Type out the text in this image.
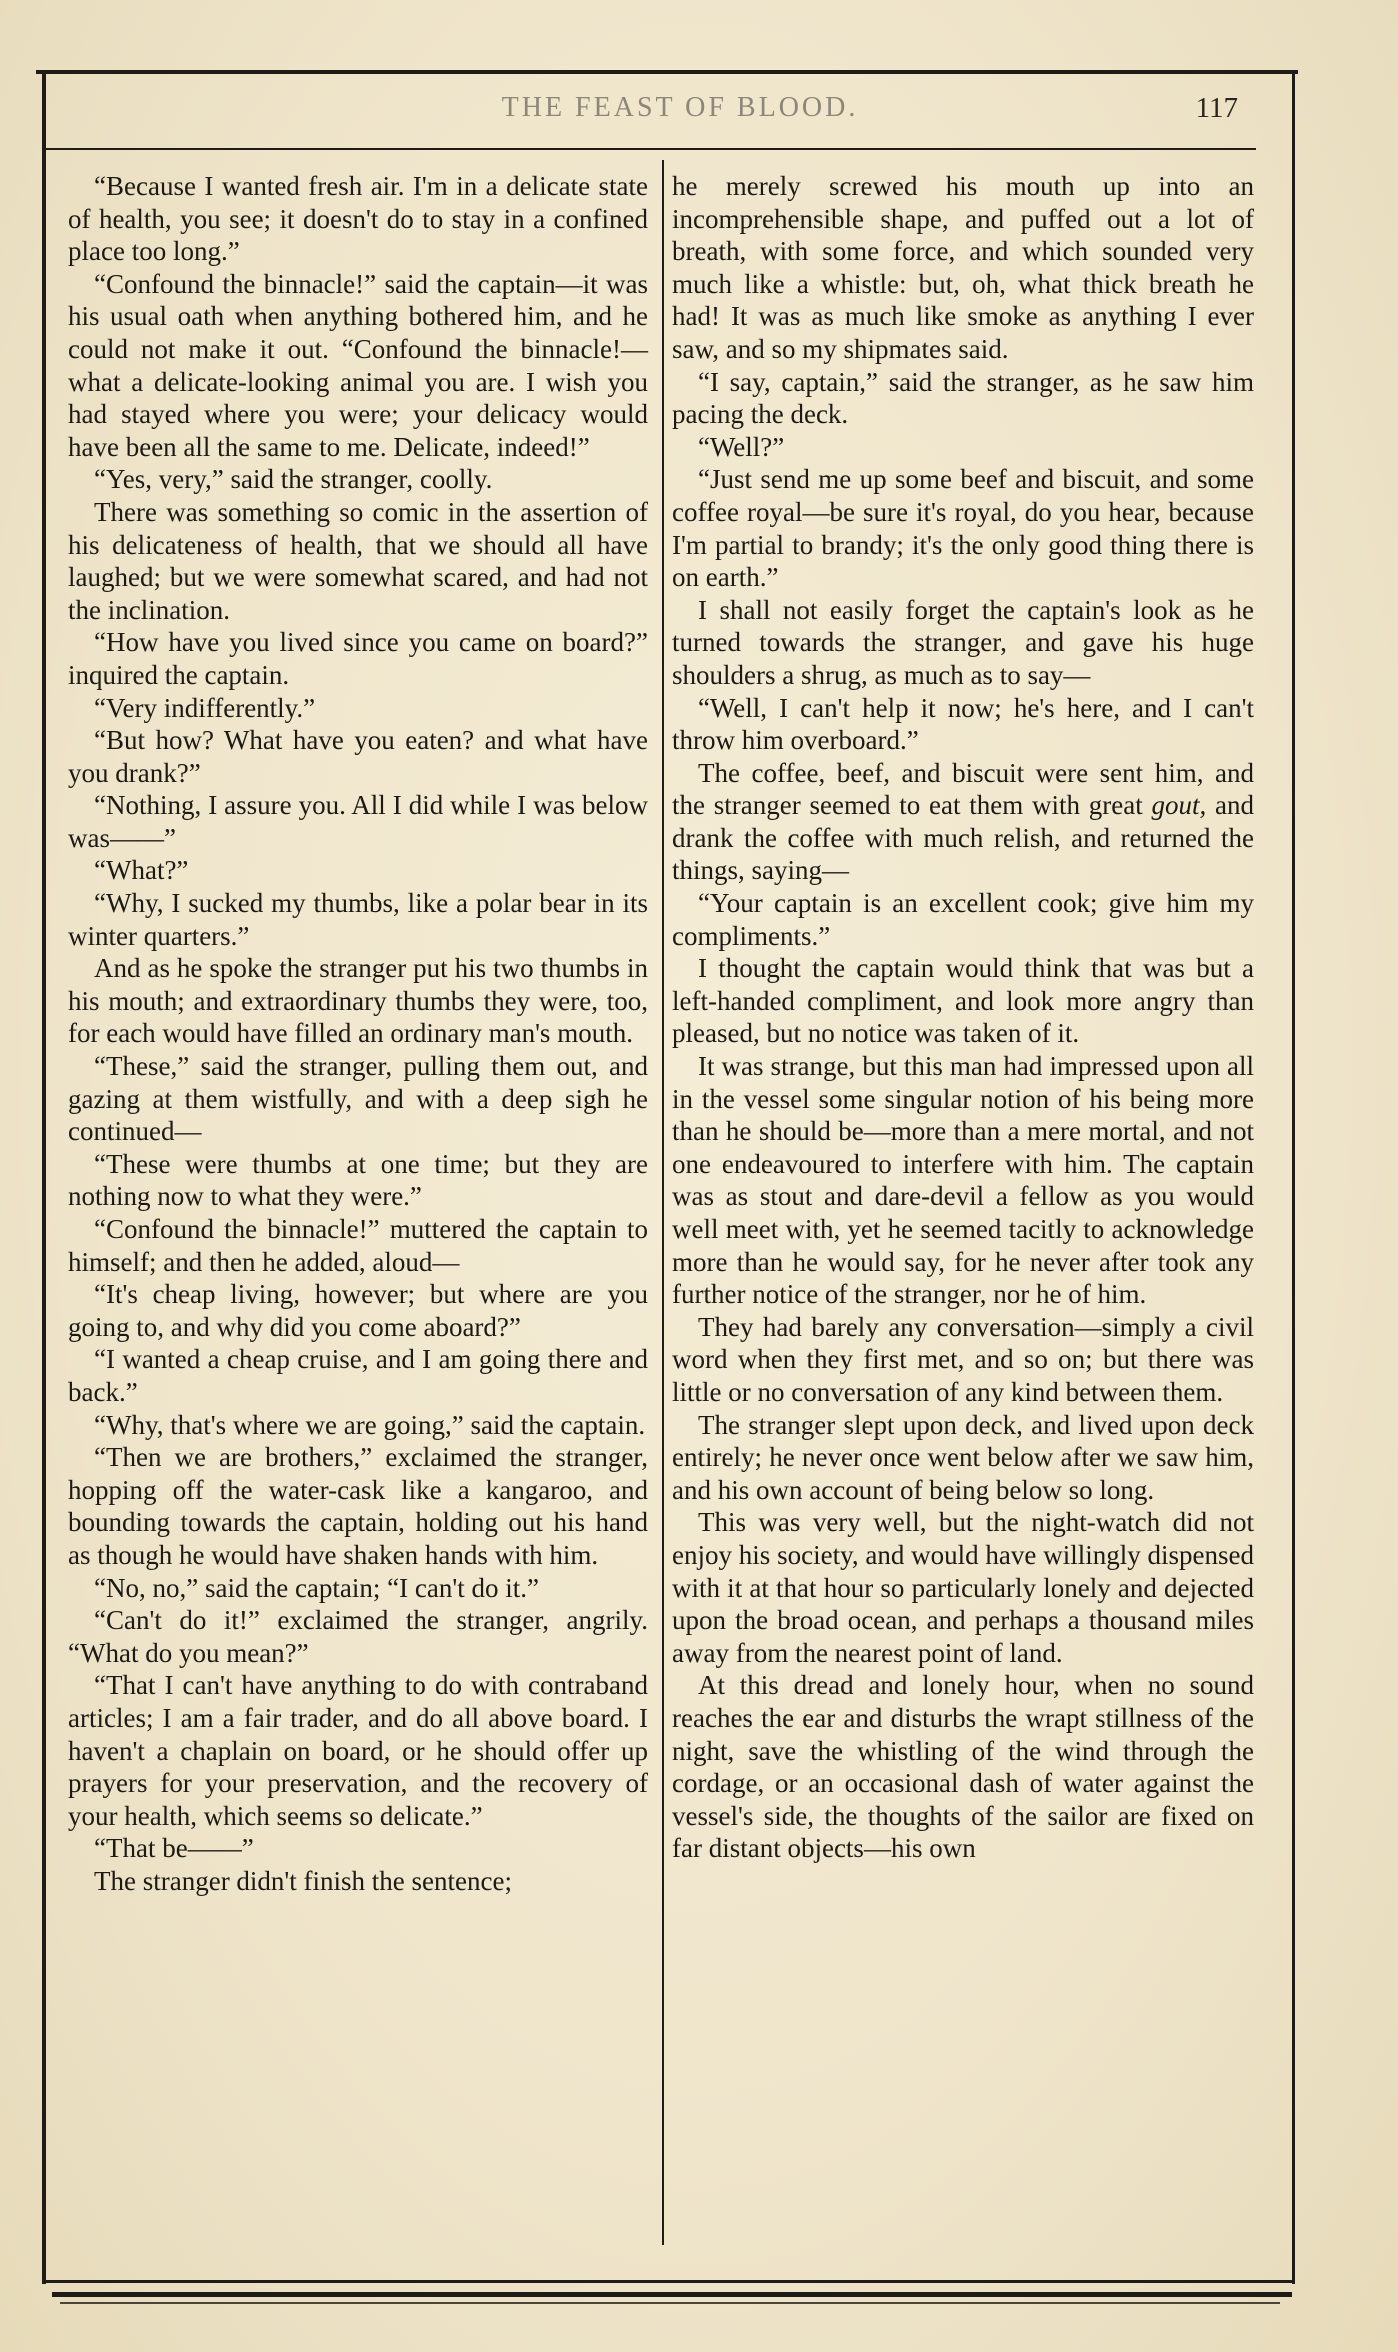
THE FEAST OF BLOOD.	117

“Because I wanted fresh air. I'm in a delicate state of health, you see; it doesn't do to stay in a confined place too long.”

“Confound the binnacle!” said the captain—it was his usual oath when anything bothered him, and he could not make it out. “Confound the binnacle!—what a delicate-looking animal you are. I wish you had stayed where you were; your delicacy would have been all the same to me. Delicate, indeed!”

“Yes, very,” said the stranger, coolly.

There was something so comic in the assertion of his delicateness of health, that we should all have laughed; but we were somewhat scared, and had not the inclination.

“How have you lived since you came on board?” inquired the captain.

“Very indifferently.”

“But how? What have you eaten? and what have you drank?”

“Nothing, I assure you. All I did while I was below was——”

“What?”

“Why, I sucked my thumbs, like a polar bear in its winter quarters.”

And as he spoke the stranger put his two thumbs in his mouth; and extraordinary thumbs they were, too, for each would have filled an ordinary man's mouth.

“These,” said the stranger, pulling them out, and gazing at them wistfully, and with a deep sigh he continued—

“These were thumbs at one time; but they are nothing now to what they were.”

“Confound the binnacle!” muttered the captain to himself; and then he added, aloud—

“It's cheap living, however; but where are you going to, and why did you come aboard?”

“I wanted a cheap cruise, and I am going there and back.”

“Why, that's where we are going,” said the captain.

“Then we are brothers,” exclaimed the stranger, hopping off the water-cask like a kangaroo, and bounding towards the captain, holding out his hand as though he would have shaken hands with him.

“No, no,” said the captain; “I can't do it.”

“Can't do it!” exclaimed the stranger, angrily. “What do you mean?”

“That I can't have anything to do with contraband articles; I am a fair trader, and do all above board. I haven't a chaplain on board, or he should offer up prayers for your preservation, and the recovery of your health, which seems so delicate.”

“That be——”

The stranger didn't finish the sentence;

he merely screwed his mouth up into an incomprehensible shape, and puffed out a lot of breath, with some force, and which sounded very much like a whistle: but, oh, what thick breath he had! It was as much like smoke as anything I ever saw, and so my shipmates said.

“I say, captain,” said the stranger, as he saw him pacing the deck.

“Well?”

“Just send me up some beef and biscuit, and some coffee royal—be sure it's royal, do you hear, because I'm partial to brandy; it's the only good thing there is on earth.”

I shall not easily forget the captain's look as he turned towards the stranger, and gave his huge shoulders a shrug, as much as to say—

“Well, I can't help it now; he's here, and I can't throw him overboard.”

The coffee, beef, and biscuit were sent him, and the stranger seemed to eat them with great gout, and drank the coffee with much relish, and returned the things, saying—

“Your captain is an excellent cook; give him my compliments.”

I thought the captain would think that was but a left-handed compliment, and look more angry than pleased, but no notice was taken of it.

It was strange, but this man had impressed upon all in the vessel some singular notion of his being more than he should be—more than a mere mortal, and not one endeavoured to interfere with him. The captain was as stout and dare-devil a fellow as you would well meet with, yet he seemed tacitly to acknowledge more than he would say, for he never after took any further notice of the stranger, nor he of him.

They had barely any conversation—simply a civil word when they first met, and so on; but there was little or no conversation of any kind between them.

The stranger slept upon deck, and lived upon deck entirely; he never once went below after we saw him, and his own account of being below so long.

This was very well, but the night-watch did not enjoy his society, and would have willingly dispensed with it at that hour so particularly lonely and dejected upon the broad ocean, and perhaps a thousand miles away from the nearest point of land.

At this dread and lonely hour, when no sound reaches the ear and disturbs the wrapt stillness of the night, save the whistling of the wind through the cordage, or an occasional dash of water against the vessel's side, the thoughts of the sailor are fixed on far distant objects—his own
